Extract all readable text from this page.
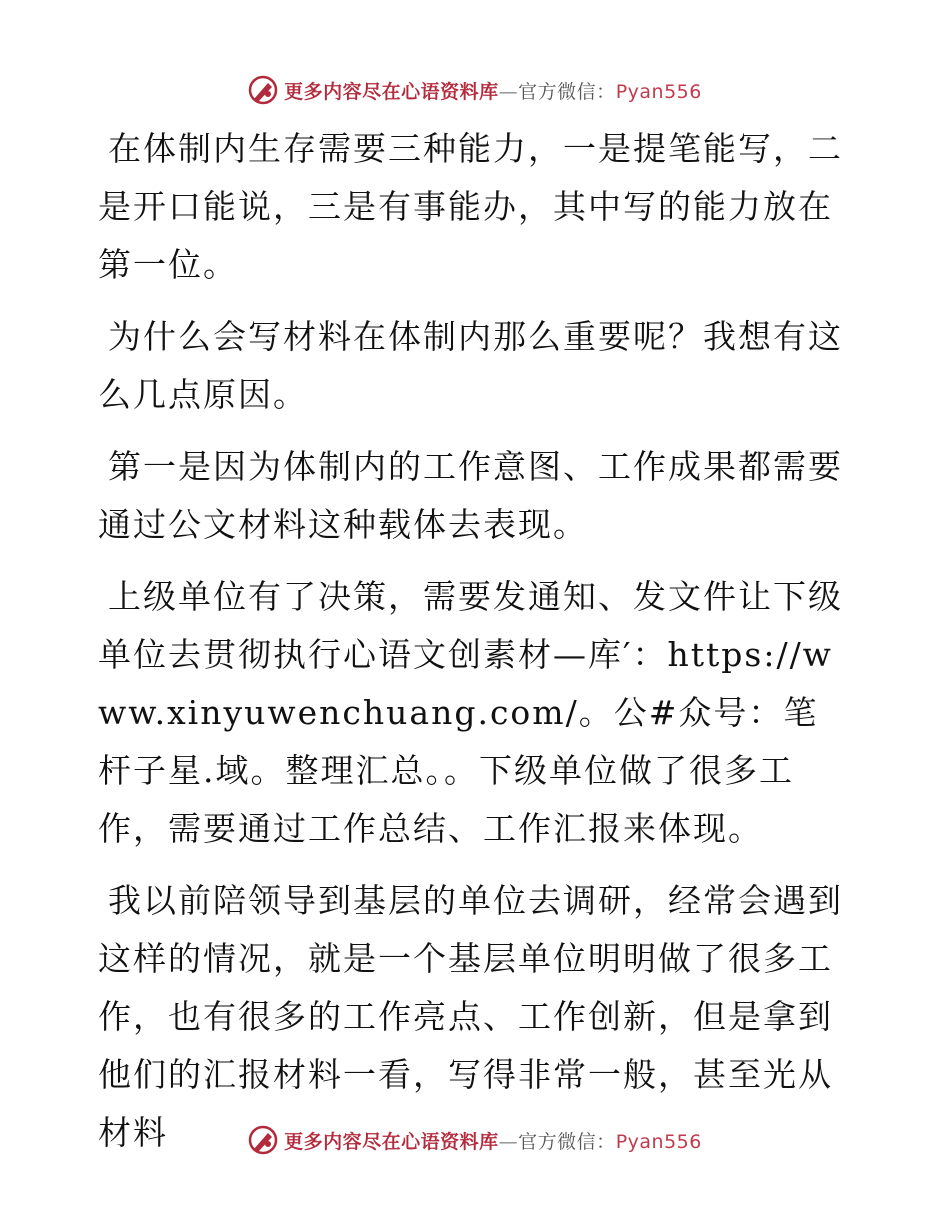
更多内容尽在心语资料库—官方微信：Pyan556

在体制内生存需要三种能力，一是提笔能写，二是开口能说，三是有事能办，其中写的能力放在第一位。

为什么会写材料在体制内那么重要呢？我想有这么几点原因。

第一是因为体制内的工作意图、工作成果都需要通过公文材料这种载体去表现。

上级单位有了决策，需要发通知、发文件让下级单位去贯彻执行心语文创素材—库′：https://www.xinyuwenchuang.com/。公#众号：笔杆子星.域。整理汇总。。下级单位做了很多工作，需要通过工作总结、工作汇报来体现。

我以前陪领导到基层的单位去调研，经常会遇到这样的情况，就是一个基层单位明明做了很多工作，也有很多的工作亮点、工作创新，但是拿到他们的汇报材料一看，写得非常一般，甚至光从材料	更多内容尽在心语资料库—官方微信：Pyan556
